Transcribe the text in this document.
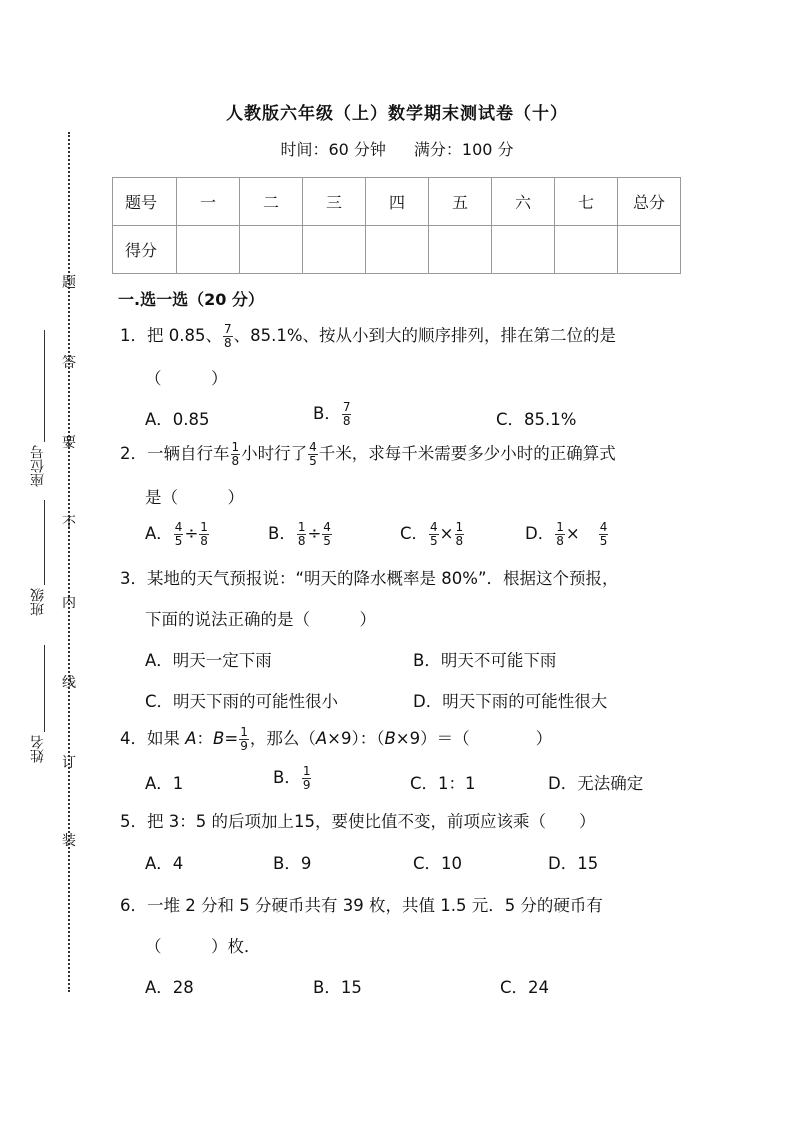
座位号
班级
姓名
题
答
要
不
内
线
订
装
人教版六年级（上）数学期末测试卷（十）
时间：60 分钟 满分：100 分
题号	一	二	三	四	五	六	七	总分
得分								
一.选一选（20 分）
1．把 0.85、 $\frac{7}{8}$ 、85.1%、按从小到大的顺序排列，排在第二位的是
（　　　）
A．0.85	B． $\frac{7}{8}$	C．85.1%
2．一辆自行车 $\frac{1}{8}$ 小时行了 $\frac{4}{5}$ 千米，求每千米需要多少小时的正确算式
是（　　　）
A． $\frac{4}{5} \div \frac{1}{8}$	B． $\frac{1}{8} \div \frac{4}{5}$	C． $\frac{4}{5} \times \frac{1}{8}$	D． $\frac{1}{8} \times \frac{4}{5}$
3．某地的天气预报说：“明天的降水概率是 80%”．根据这个预报，
下面的说法正确的是（　　　）
A．明天一定下雨	B．明天不可能下雨
C．明天下雨的可能性很小	D．明天下雨的可能性很大
4．如果 A：$B= \frac{1}{9}$ ，那么（A×9）：（B×9）＝（　　　　）
A．1	B． $\frac{1}{9}$	C．1：1	D．无法确定
5．把 3：5 的后项加上15，要使比值不变，前项应该乘（　　）
A．4	B．9	C．10	D．15
6．一堆 2 分和 5 分硬币共有 39 枚，共值 1.5 元．5 分的硬币有
（　　　）枚．
A．28	B．15	C．24
